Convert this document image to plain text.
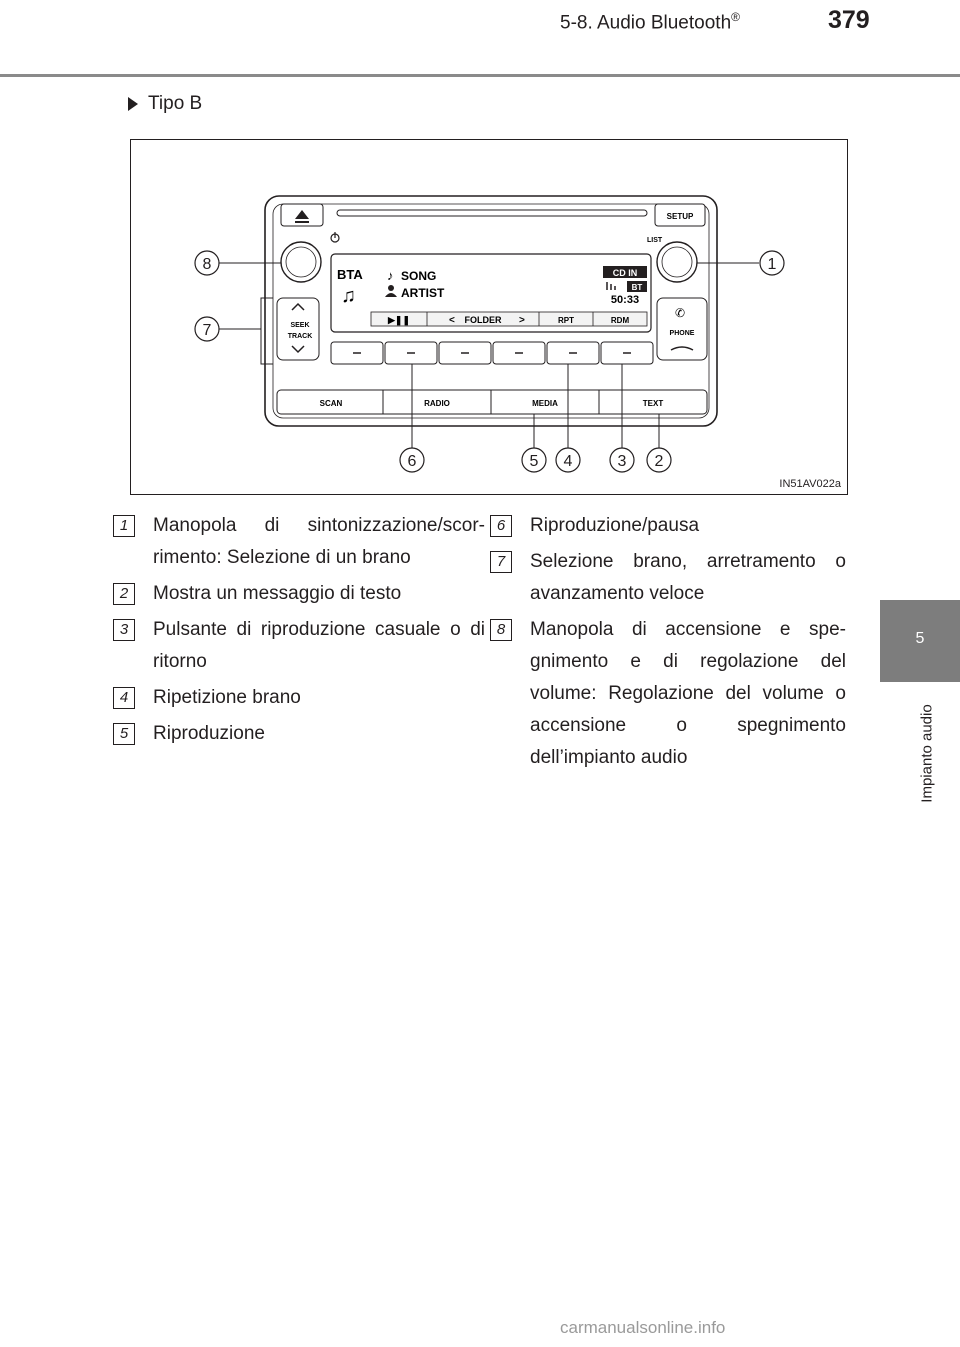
5-8. Audio Bluetooth®	379
5
Impianto audio
Tipo B
SETUP
LIST
BTA ♪ SONG
♫	ARTIST
CD IN
BT
50:33
▶❚❚	< FOLDER >	RPT	RDM
SEEK
TRACK
✆
PHONE
SCAN	RADIO	MEDIA	TEXT
8	1
7
6	5 4	3 2
IN51AV022a
1	Manopola di sintonizzazione/scor-rimento: Selezione di un brano
2	Mostra un messaggio di testo
3	Pulsante di riproduzione casuale o di ritorno
4	Ripetizione brano
5	Riproduzione
6	Riproduzione/pausa
7	Selezione brano, arretramento o avanzamento veloce
8	Manopola di accensione e spe-gnimento e di regolazione del volume: Regolazione del volume o accensione o spegnimento dell’impianto audio
carmanualsonline.info
